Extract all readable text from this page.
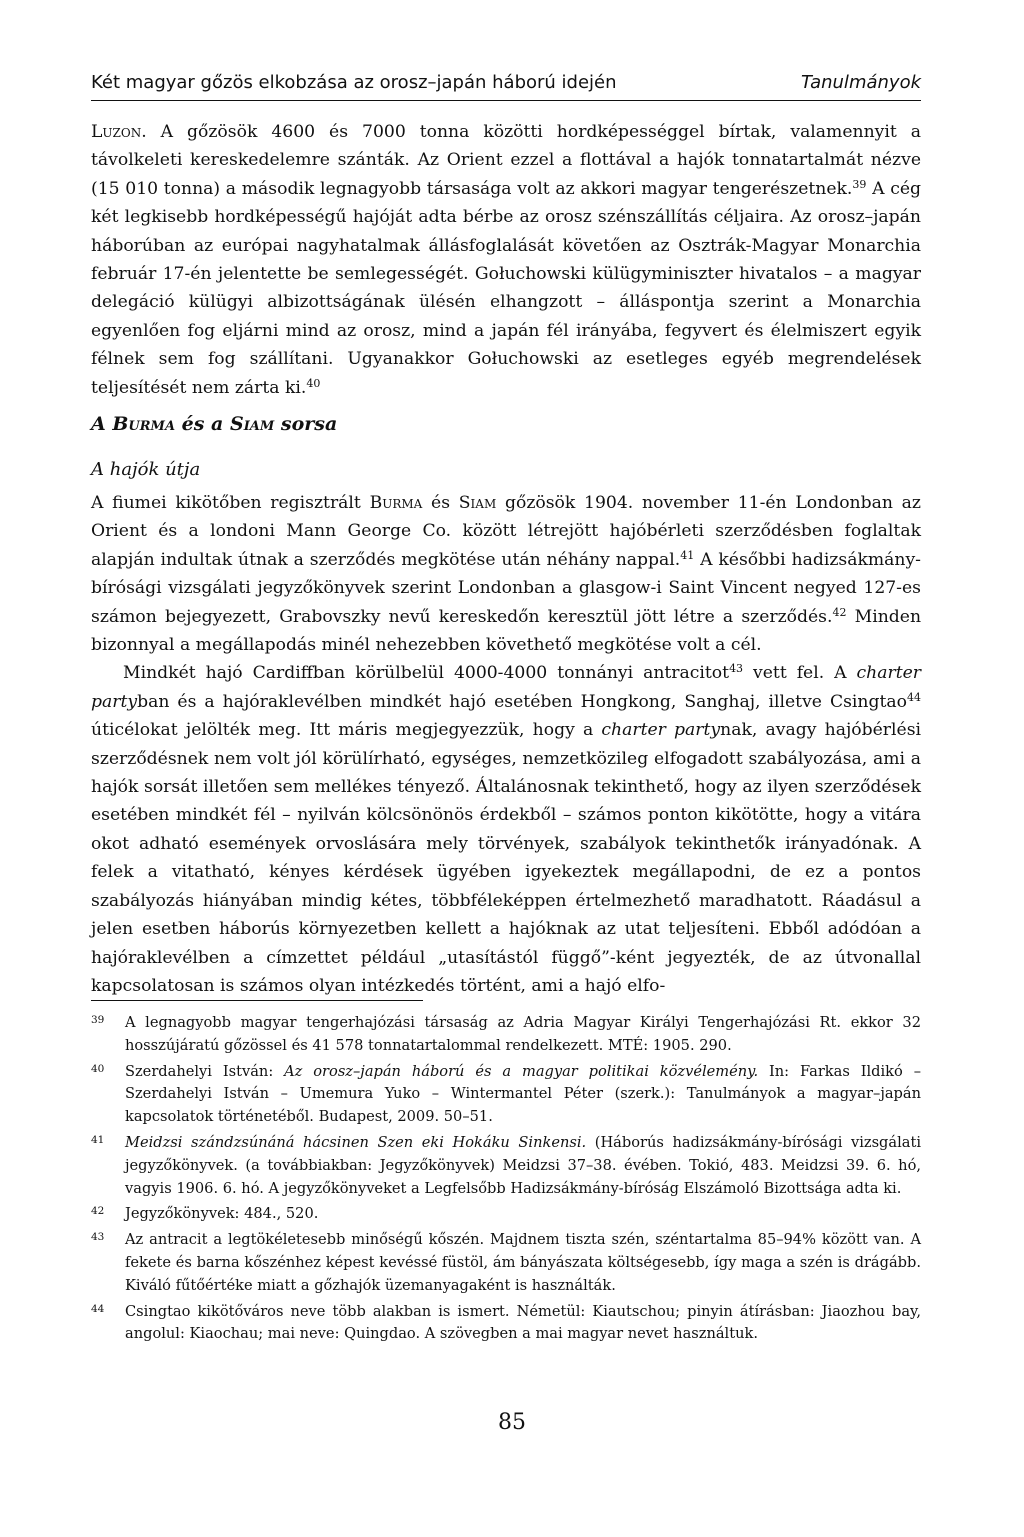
Két magyar gőzös elkobzása az orosz–japán háború idején	Tanulmányok

Luzon. A gőzösök 4600 és 7000 tonna közötti hordképességgel bírtak, valamennyit a távolkeleti kereskedelemre szánták. Az Orient ezzel a flottával a hajók tonnatartalmát nézve (15 010 tonna) a második legnagyobb társasága volt az akkori magyar tengerészetnek.$^{39}$ A cég két legkisebb hordképességű hajóját adta bérbe az orosz szénszállítás céljaira. Az orosz–japán háborúban az európai nagyhatalmak állásfoglalását követően az Osztrák-Magyar Monarchia február 17-én jelentette be semlegességét. Gołuchowski külügyminiszter hivatalos – a magyar delegáció külügyi albizottságának ülésén elhangzott – álláspontja szerint a Monarchia egyenlően fog eljárni mind az orosz, mind a japán fél irányába, fegyvert és élelmiszert egyik félnek sem fog szállítani. Ugyanakkor Gołuchowski az esetleges egyéb megrendelések teljesítését nem zárta ki.$^{40}$

A Burma és a Siam sorsa
A hajók útja

A fiumei kikötőben regisztrált Burma és Siam gőzösök 1904. november 11-én Londonban az Orient és a londoni Mann George Co. között létrejött hajóbérleti szerződésben foglaltak alapján indultak útnak a szerződés megkötése után néhány nappal.$^{41}$ A későbbi hadizsákmány-bírósági vizsgálati jegyzőkönyvek szerint Londonban a glasgow-i Saint Vincent negyed 127-es számon bejegyezett, Grabovszky nevű kereskedőn keresztül jött létre a szerződés.$^{42}$ Minden bizonnyal a megállapodás minél nehezebben követhető megkötése volt a cél.

Mindkét hajó Cardiffban körülbelül 4000-4000 tonnányi antracitot$^{43}$ vett fel. A charter partyban és a hajóraklevélben mindkét hajó esetében Hongkong, Sanghaj, illetve Csingtao$^{44}$ úticélokat jelölték meg. Itt máris megjegyezzük, hogy a charter partynak, avagy hajóbérlési szerződésnek nem volt jól körülírható, egységes, nemzetközileg elfogadott szabályozása, ami a hajók sorsát illetően sem mellékes tényező. Általánosnak tekinthető, hogy az ilyen szerződések esetében mindkét fél – nyilván kölcsönönös érdekből – számos ponton kikötötte, hogy a vitára okot adható események orvoslására mely törvények, szabályok tekinthetők irányadónak. A felek a vitatható, kényes kérdések ügyében igyekeztek megállapodni, de ez a pontos szabályozás hiányában mindig kétes, többféleképpen értelmezhető maradhatott. Ráadásul a jelen esetben háborús környezetben kellett a hajóknak az utat teljesíteni. Ebből adódóan a hajóraklevélben a címzettet például „utasítástól függő”-ként jegyezték, de az útvonallal kapcsolatosan is számos olyan intézkedés történt, ami a hajó elfo-

39 A legnagyobb magyar tengerhajózási társaság az Adria Magyar Királyi Tengerhajózási Rt. ekkor 32 hosszújáratú gőzössel és 41 578 tonnatartalommal rendelkezett. MTÉ: 1905. 290.
40 Szerdahelyi István: Az orosz–japán háború és a magyar politikai közvélemény. In: Farkas Ildikó – Szerdahelyi István – Umemura Yuko – Wintermantel Péter (szerk.): Tanulmányok a magyar–japán kapcsolatok történetéből. Budapest, 2009. 50–51.
41 Meidzsi szándzsúnáná hácsinen Szen eki Hokáku Sinkensi. (Háborús hadizsákmány-bírósági vizsgálati jegyzőkönyvek. (a továbbiakban: Jegyzőkönyvek) Meidzsi 37–38. évében. Tokió, 483. Meidzsi 39. 6. hó, vagyis 1906. 6. hó. A jegyzőkönyveket a Legfelsőbb Hadizsákmány-bíróság Elszámoló Bizottsága adta ki.
42 Jegyzőkönyvek: 484., 520.
43 Az antracit a legtökéletesebb minőségű kőszén. Majdnem tiszta szén, széntartalma 85–94% között van. A fekete és barna kőszénhez képest kevéssé füstöl, ám bányászata költségesebb, így maga a szén is drágább. Kiváló fűtőértéke miatt a gőzhajók üzemanyagaként is használták.
44 Csingtao kikötőváros neve több alakban is ismert. Németül: Kiautschou; pinyin átírásban: Jiaozhou bay, angolul: Kiaochau; mai neve: Quingdao. A szövegben a mai magyar nevet használtuk.
85
